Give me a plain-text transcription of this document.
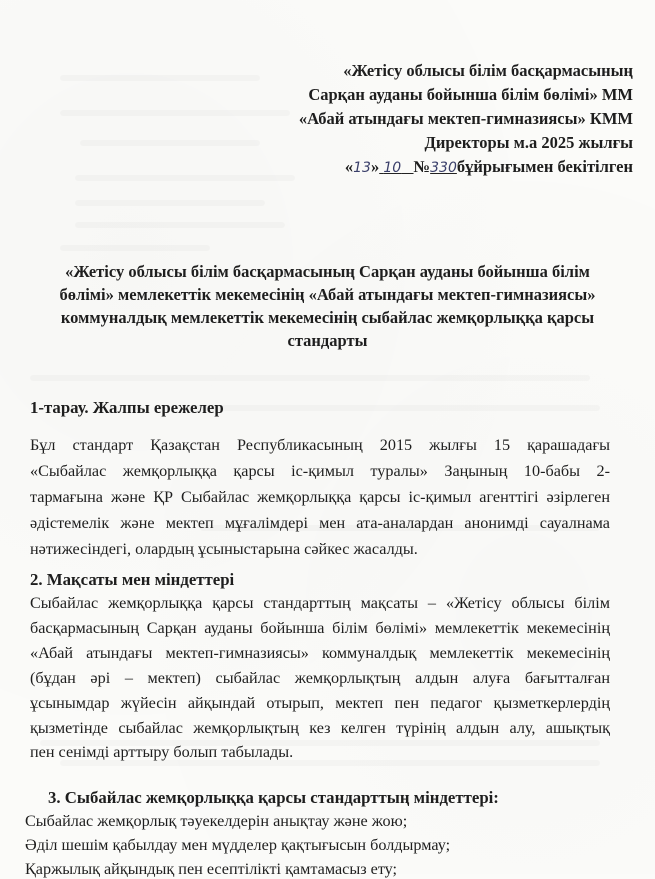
«Жетісу облысы білім басқармасының
Сарқан ауданы бойынша білім бөлімі» ММ
«Абай атындағы мектеп-гимназиясы» КММ
Директоры м.а 2025 жылғы
«13» 10 №330бұйрығымен бекітілген
«Жетісу облысы білім басқармасының Сарқан ауданы бойынша білім
бөлімі» мемлекеттік мекемесінің «Абай атындағы мектеп-гимназиясы»
коммуналдық мемлекеттік мекемесінің сыбайлас жемқорлыққа қарсы
стандарты
1-тарау. Жалпы ережелер
Бұл стандарт Қазақстан Республикасының 2015 жылғы 15 қарашадағы
«Сыбайлас жемқорлыққа қарсы іс-қимыл туралы» Заңының 10-бабы 2-
тармағына және ҚР Сыбайлас жемқорлыққа қарсы іс-қимыл агенттігі әзірлеген
әдістемелік және мектеп мұғалімдері мен ата-аналардан анонимді сауалнама
нәтижесіндегі, олардың ұсыныстарына сәйкес жасалды.
2. Мақсаты мен міндеттері
Сыбайлас жемқорлыққа қарсы стандарттың мақсаты – «Жетісу облысы білім
басқармасының Сарқан ауданы бойынша білім бөлімі» мемлекеттік мекемесінің
«Абай атындағы мектеп-гимназиясы» коммуналдық мемлекеттік мекемесінің
(бұдан әрі – мектеп) сыбайлас жемқорлықтың алдын алуға бағытталған
ұсынымдар жүйесін айқындай отырып, мектеп пен педагог қызметкерлердің
қызметінде сыбайлас жемқорлықтың кез келген түрінің алдын алу, ашықтық
пен сенімді арттыру болып табылады.
3. Сыбайлас жемқорлыққа қарсы стандарттың міндеттері:
Сыбайлас жемқорлық тәуекелдерін анықтау және жою;
Әділ шешім қабылдау мен мүдделер қақтығысын болдырмау;
Қаржылық айқындық пен есептілікті қамтамасыз ету;
